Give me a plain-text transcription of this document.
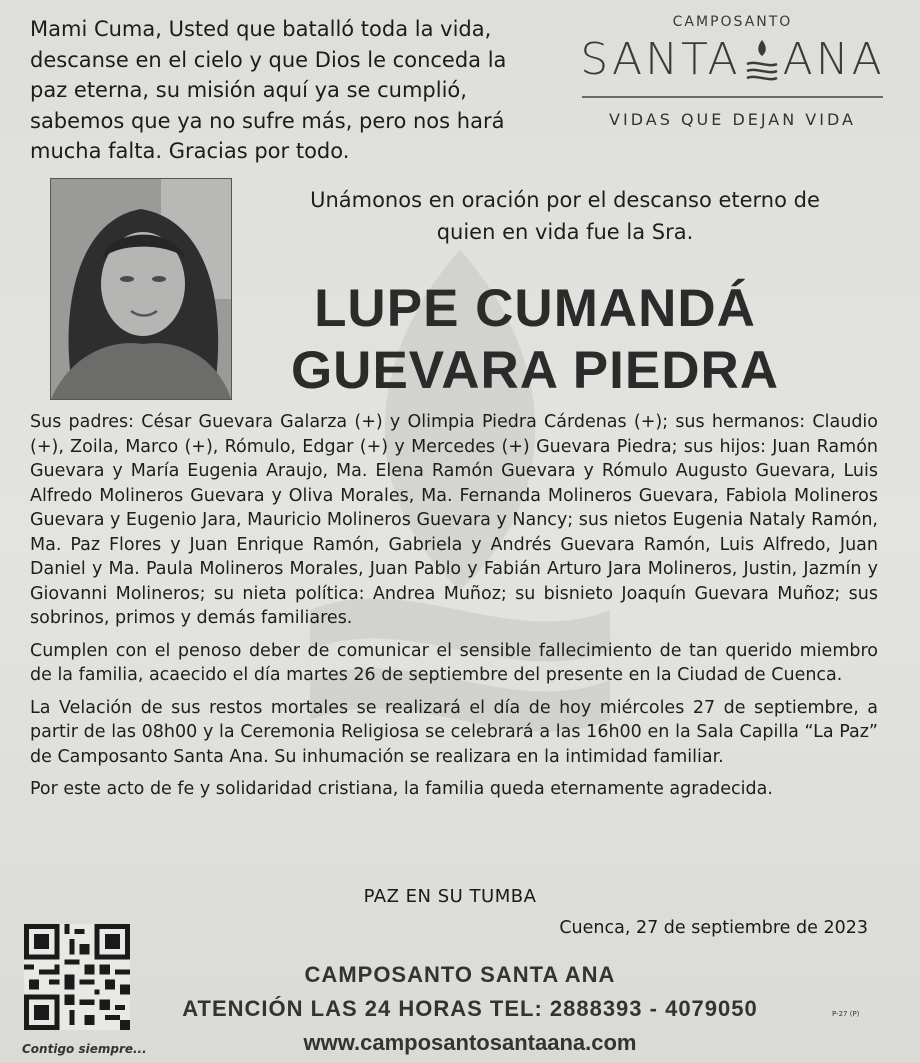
Mami Cuma, Usted que batalló toda la vida, descanse en el cielo y que Dios le conceda la paz eterna, su misión aquí ya se cumplió, sabemos que ya no sufre más, pero nos hará mucha falta. Gracias por todo.
CAMPOSANTO
SANTA ANA
VIDAS QUE DEJAN VIDA
Unámonos en oración por el descanso eterno de quien en vida fue la Sra.
LUPE CUMANDÁ
GUEVARA PIEDRA

Sus padres: César Guevara Galarza (+) y Olimpia Piedra Cárdenas (+); sus hermanos: Claudio (+), Zoila, Marco (+), Rómulo, Edgar (+) y Mercedes (+) Guevara Piedra; sus hijos: Juan Ramón Guevara y María Eugenia Araujo, Ma. Elena Ramón Guevara y Rómulo Augusto Guevara, Luis Alfredo Molineros Guevara y Oliva Morales, Ma. Fernanda Molineros Guevara, Fabiola Molineros Guevara y Eugenio Jara, Mauricio Molineros Guevara y Nancy; sus nietos Eugenia Nataly Ramón, Ma. Paz Flores y Juan Enrique Ramón, Gabriela y Andrés Guevara Ramón, Luis Alfredo, Juan Daniel y Ma. Paula Molineros Morales, Juan Pablo y Fabián Arturo Jara Molineros, Justin, Jazmín y Giovanni Molineros; su nieta política: Andrea Muñoz; su bisnieto Joaquín Guevara Muñoz; sus sobrinos, primos y demás familiares.

Cumplen con el penoso deber de comunicar el sensible fallecimiento de tan querido miembro de la familia, acaecido el día martes 26 de septiembre del presente en la Ciudad de Cuenca.

La Velación de sus restos mortales se realizará el día de hoy miércoles 27 de septiembre, a partir de las 08h00 y la Ceremonia Religiosa se celebrará a las 16h00 en la Sala Capilla “La Paz” de Camposanto Santa Ana. Su inhumación se realizara en la intimidad familiar.

Por este acto de fe y solidaridad cristiana, la familia queda eternamente agradecida.

PAZ EN SU TUMBA
Cuenca, 27 de septiembre de 2023
Contigo siempre...
CAMPOSANTO SANTA ANA
ATENCIÓN LAS 24 HORAS TEL: 2888393 - 4079050
www.camposantosantaana.com
P-27 (P)
